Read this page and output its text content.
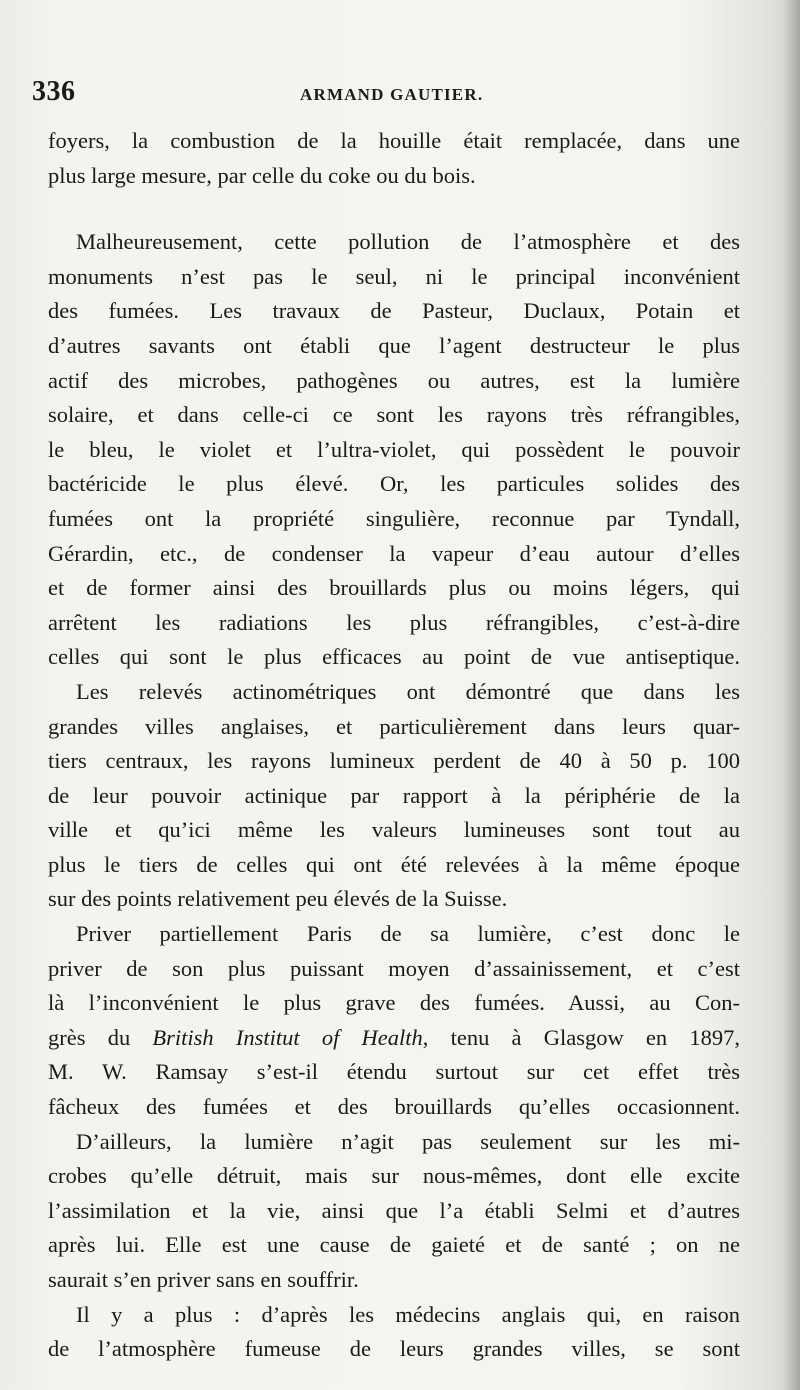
336	ARMAND GAUTIER.
foyers, la combustion de la houille était remplacée, dans une
plus large mesure, par celle du coke ou du bois.
Malheureusement, cette pollution de l’atmosphère et des
monuments n’est pas le seul, ni le principal inconvénient
des fumées. Les travaux de Pasteur, Duclaux, Potain et
d’autres savants ont établi que l’agent destructeur le plus
actif des microbes, pathogènes ou autres, est la lumière
solaire, et dans celle-ci ce sont les rayons très réfrangibles,
le bleu, le violet et l’ultra-violet, qui possèdent le pouvoir
bactéricide le plus élevé. Or, les particules solides des
fumées ont la propriété singulière, reconnue par Tyndall,
Gérardin, etc., de condenser la vapeur d’eau autour d’elles
et de former ainsi des brouillards plus ou moins légers, qui
arrêtent les radiations les plus réfrangibles, c’est-à-dire
celles qui sont le plus efficaces au point de vue antiseptique.
Les relevés actinométriques ont démontré que dans les
grandes villes anglaises, et particulièrement dans leurs quar-
tiers centraux, les rayons lumineux perdent de 40 à 50 p. 100
de leur pouvoir actinique par rapport à la périphérie de la
ville et qu’ici même les valeurs lumineuses sont tout au
plus le tiers de celles qui ont été relevées à la même époque
sur des points relativement peu élevés de la Suisse.
Priver partiellement Paris de sa lumière, c’est donc le
priver de son plus puissant moyen d’assainissement, et c’est
là l’inconvénient le plus grave des fumées. Aussi, au Con-
grès du British Institut of Health, tenu à Glasgow en 1897,
M. W. Ramsay s’est-il étendu surtout sur cet effet très
fâcheux des fumées et des brouillards qu’elles occasionnent.
D’ailleurs, la lumière n’agit pas seulement sur les mi-
crobes qu’elle détruit, mais sur nous-mêmes, dont elle excite
l’assimilation et la vie, ainsi que l’a établi Selmi et d’autres
après lui. Elle est une cause de gaieté et de santé ; on ne
saurait s’en priver sans en souffrir.
Il y a plus : d’après les médecins anglais qui, en raison
de l’atmosphère fumeuse de leurs grandes villes, se sont
